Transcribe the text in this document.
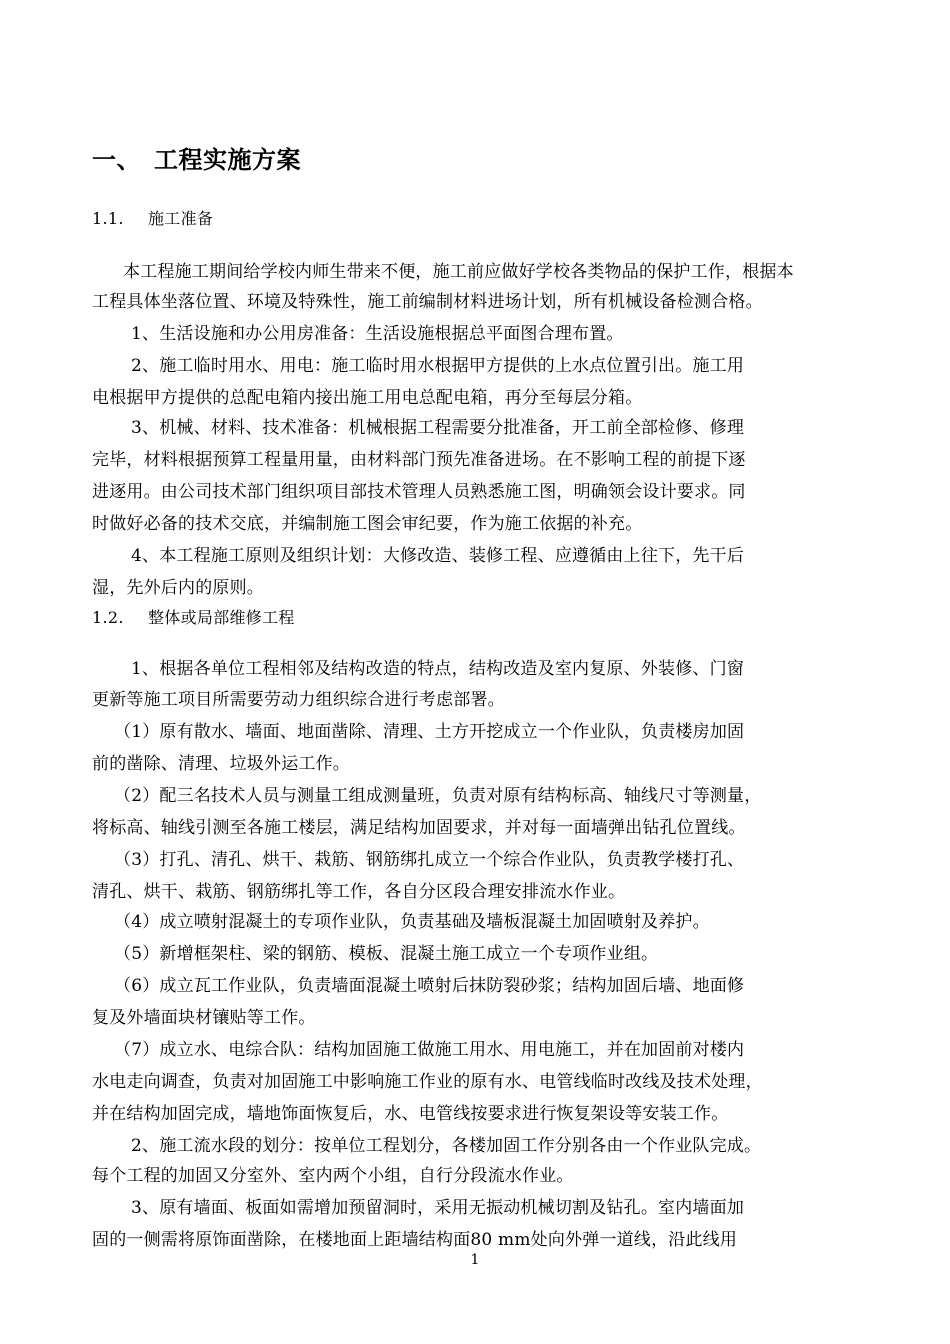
一、 工程实施方案
1.1. 施工准备
本工程施工期间给学校内师生带来不便，施工前应做好学校各类物品的保护工作，根据本
工程具体坐落位置、环境及特殊性，施工前编制材料进场计划，所有机械设备检测合格。
1、生活设施和办公用房准备：生活设施根据总平面图合理布置。
2、施工临时用水、用电：施工临时用水根据甲方提供的上水点位置引出。施工用
电根据甲方提供的总配电箱内接出施工用电总配电箱，再分至每层分箱。
3、机械、材料、技术准备：机械根据工程需要分批准备，开工前全部检修、修理
完毕，材料根据预算工程量用量，由材料部门预先准备进场。在不影响工程的前提下逐
进逐用。由公司技术部门组织项目部技术管理人员熟悉施工图，明确领会设计要求。同
时做好必备的技术交底，并编制施工图会审纪要，作为施工依据的补充。
4、本工程施工原则及组织计划：大修改造、装修工程、应遵循由上往下，先干后
湿，先外后内的原则。
1.2. 整体或局部维修工程
1、根据各单位工程相邻及结构改造的特点，结构改造及室内复原、外装修、门窗
更新等施工项目所需要劳动力组织综合进行考虑部署。
（1）原有散水、墙面、地面凿除、清理、土方开挖成立一个作业队，负责楼房加固
前的凿除、清理、垃圾外运工作。
（2）配三名技术人员与测量工组成测量班，负责对原有结构标高、轴线尺寸等测量，
将标高、轴线引测至各施工楼层，满足结构加固要求，并对每一面墙弹出钻孔位置线。
（3）打孔、清孔、烘干、栽筋、钢筋绑扎成立一个综合作业队，负责教学楼打孔、
清孔、烘干、栽筋、钢筋绑扎等工作，各自分区段合理安排流水作业。
（4）成立喷射混凝土的专项作业队，负责基础及墙板混凝土加固喷射及养护。
（5）新增框架柱、梁的钢筋、模板、混凝土施工成立一个专项作业组。
（6）成立瓦工作业队，负责墙面混凝土喷射后抹防裂砂浆；结构加固后墙、地面修
复及外墙面块材镶贴等工作。
（7）成立水、电综合队：结构加固施工做施工用水、用电施工，并在加固前对楼内
水电走向调查，负责对加固施工中影响施工作业的原有水、电管线临时改线及技术处理，
并在结构加固完成，墙地饰面恢复后，水、电管线按要求进行恢复架设等安装工作。
2、施工流水段的划分：按单位工程划分，各楼加固工作分别各由一个作业队完成。
每个工程的加固又分室外、室内两个小组，自行分段流水作业。
3、原有墙面、板面如需增加预留洞时，采用无振动机械切割及钻孔。室内墙面加
固的一侧需将原饰面凿除，在楼地面上距墙结构面80 mm处向外弹一道线，沿此线用
1
